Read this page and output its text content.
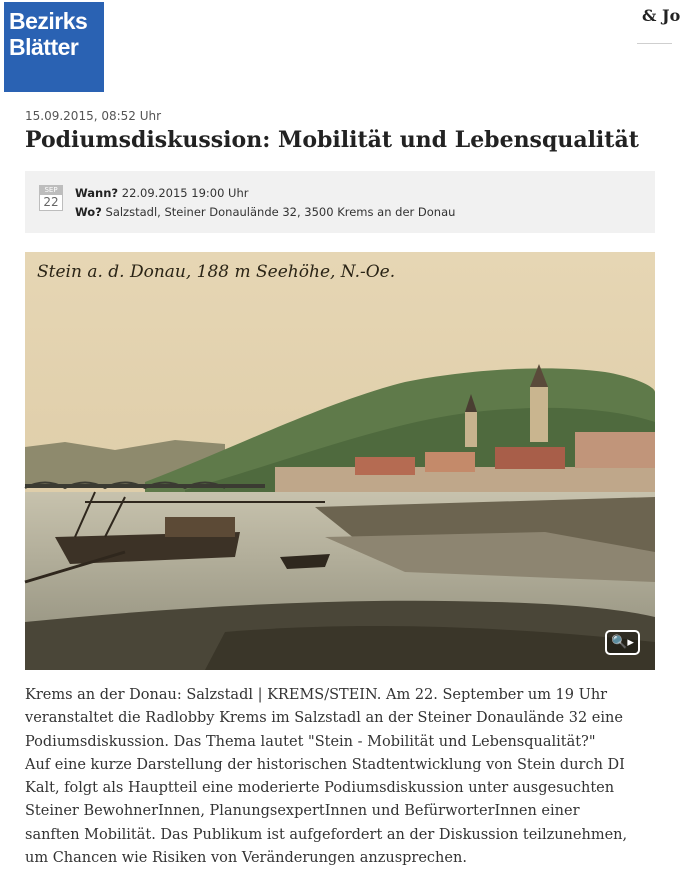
Bezirks
Blätter
& Jo
15.09.2015, 08:52 Uhr
Podiumsdiskussion: Mobilität und Lebensqualität
SEP
22
Wann? 22.09.2015 19:00 Uhr
Wo? Salzstadl, Steiner Donaulände 32, 3500 Krems an der Donau
Stein a. d. Donau, 188 m Seehöhe, N.-Oe.
🔍▸
Krems an der Donau: Salzstadl | KREMS/STEIN. Am 22. September um 19 Uhr
veranstaltet die Radlobby Krems im Salzstadl an der Steiner Donaulände 32 eine
Podiumsdiskussion. Das Thema lautet "Stein - Mobilität und Lebensqualität?"
Auf eine kurze Darstellung der historischen Stadtentwicklung von Stein durch DI
Kalt, folgt als Hauptteil eine moderierte Podiumsdiskussion unter ausgesuchten
Steiner BewohnerInnen, PlanungsexpertInnen und BefürworterInnen einer
sanften Mobilität. Das Publikum ist aufgefordert an der Diskussion teilzunehmen,
um Chancen wie Risiken von Veränderungen anzusprechen.
